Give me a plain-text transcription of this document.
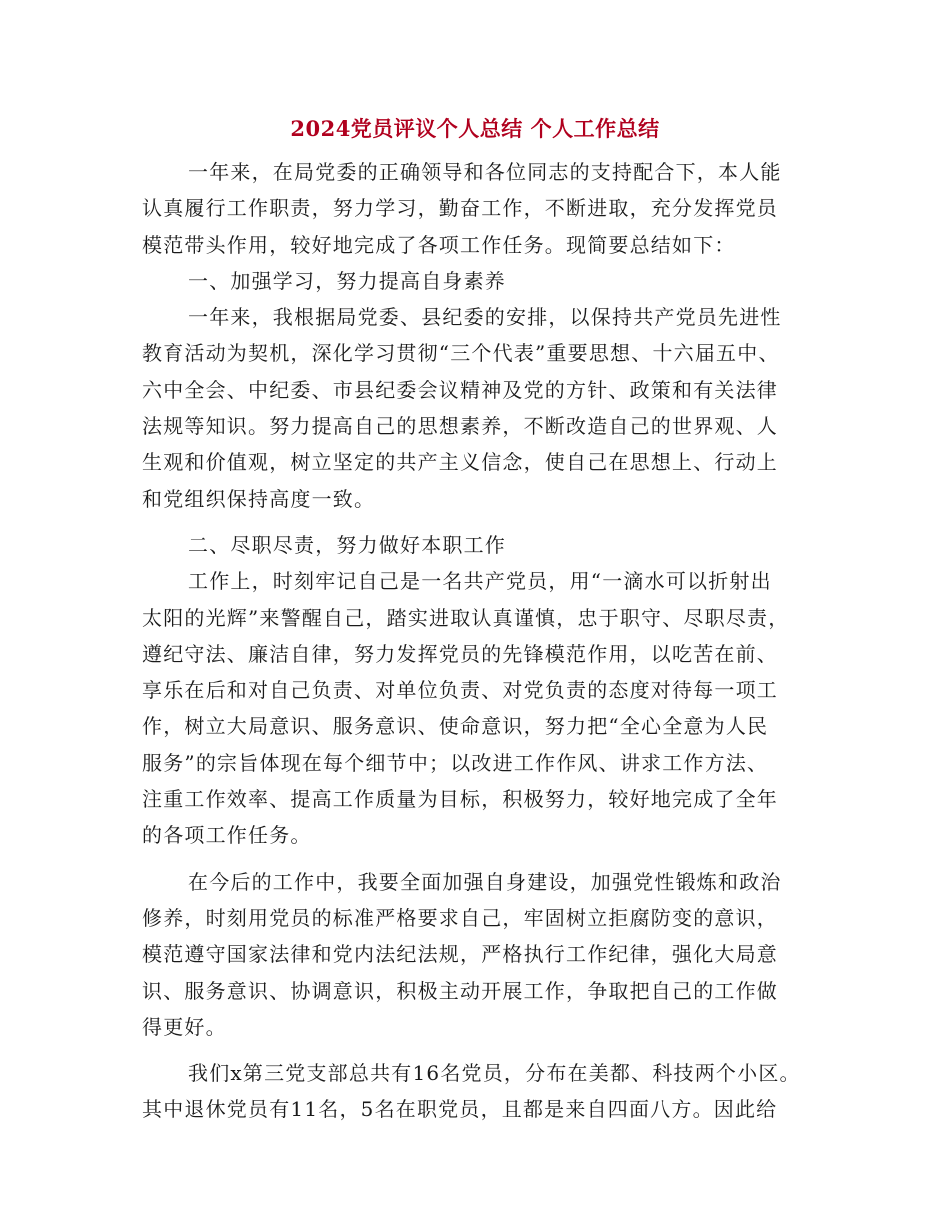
2024党员评议个人总结 个人工作总结
一年来，在局党委的正确领导和各位同志的支持配合下，本人能
认真履行工作职责，努力学习，勤奋工作，不断进取，充分发挥党员
模范带头作用，较好地完成了各项工作任务。现简要总结如下：
一、加强学习，努力提高自身素养
一年来，我根据局党委、县纪委的安排，以保持共产党员先进性
教育活动为契机，深化学习贯彻“三个代表”重要思想、十六届五中、
六中全会、中纪委、市县纪委会议精神及党的方针、政策和有关法律
法规等知识。努力提高自己的思想素养，不断改造自己的世界观、人
生观和价值观，树立坚定的共产主义信念，使自己在思想上、行动上
和党组织保持高度一致。
二、尽职尽责，努力做好本职工作
工作上，时刻牢记自己是一名共产党员，用“一滴水可以折射出
太阳的光辉”来警醒自己，踏实进取认真谨慎，忠于职守、尽职尽责，
遵纪守法、廉洁自律，努力发挥党员的先锋模范作用，以吃苦在前、
享乐在后和对自己负责、对单位负责、对党负责的态度对待每一项工
作，树立大局意识、服务意识、使命意识，努力把“全心全意为人民
服务”的宗旨体现在每个细节中；以改进工作作风、讲求工作方法、
注重工作效率、提高工作质量为目标，积极努力，较好地完成了全年
的各项工作任务。
在今后的工作中，我要全面加强自身建设，加强党性锻炼和政治
修养，时刻用党员的标准严格要求自己，牢固树立拒腐防变的意识，
模范遵守国家法律和党内法纪法规，严格执行工作纪律，强化大局意
识、服务意识、协调意识，积极主动开展工作，争取把自己的工作做
得更好。
我们x第三党支部总共有16名党员，分布在美都、科技两个小区。
其中退休党员有11名，5名在职党员，且都是来自四面八方。因此给
